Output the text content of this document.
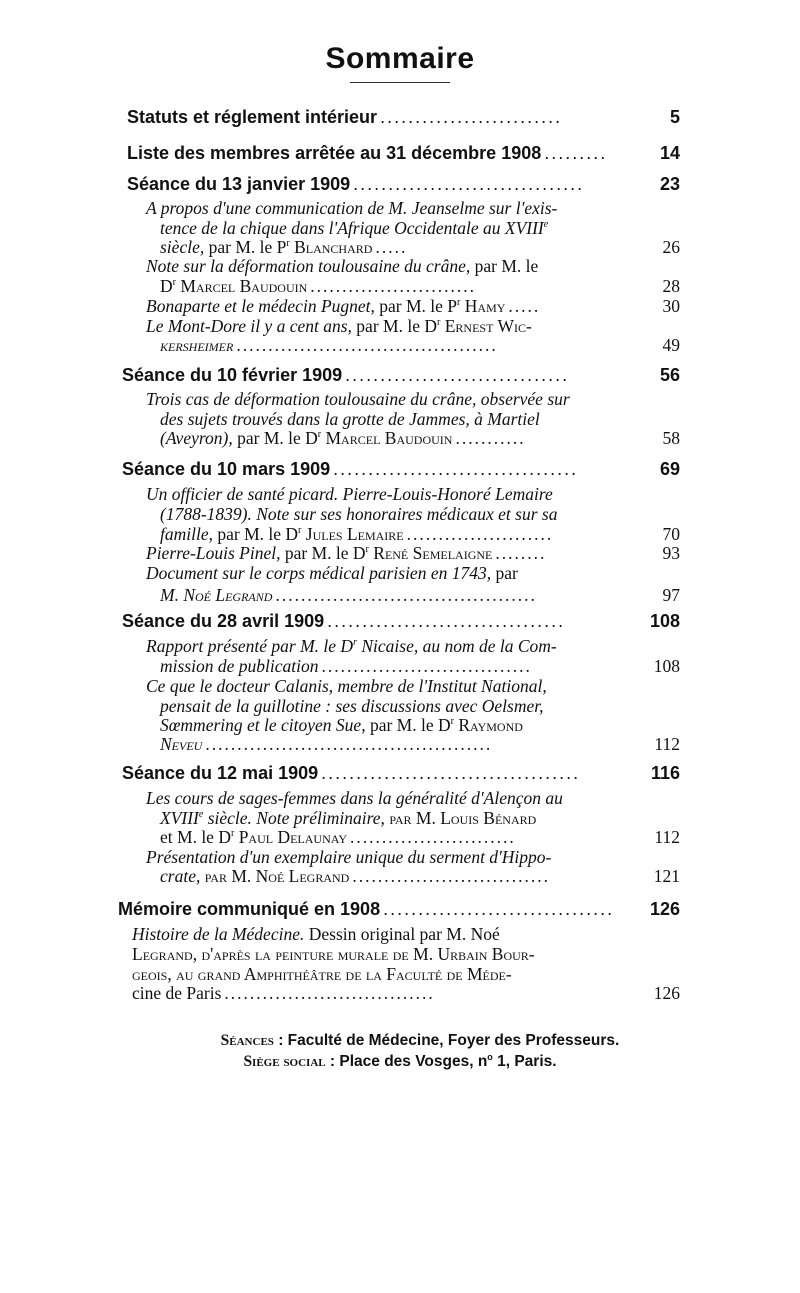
Sommaire
Statuts et réglement intérieur ..........................	5
Liste des membres arrêtée au 31 décembre 1908 .........	14
Séance du 13 janvier 1909 .................................	23
A propos d'une communication de M. Jeanselme sur l'exis-
tence de la chique dans l'Afrique Occidentale au XVIIIe
siècle, par M. le $P^r$ Blanchard .....	26
Note sur la déformation toulousaine du crâne, par M. le
$D^r$ Marcel Baudouin ..........................	28
Bonaparte et le médecin Pugnet, par M. le $P^r$ Hamy .....	30
Le Mont-Dore il y a cent ans, par M. le $D^r$ Ernest Wic-
kersheimer .........................................	49
Séance du 10 février 1909 ................................	56
Trois cas de déformation toulousaine du crâne, observée sur
des sujets trouvés dans la grotte de Jammes, à Martiel
(Aveyron), par M. le $D^r$ Marcel Baudouin ...........	58
Séance du 10 mars 1909 ...................................	69
Un officier de santé picard. Pierre-Louis-Honoré Lemaire
(1788-1839). Note sur ses honoraires médicaux et sur sa
famille, par M. le $D^r$ Jules Lemaire .......................	70
Pierre-Louis Pinel, par M. le $D^r$ René Semelaigne ........	93
Document sur le corps médical parisien en 1743, par
M. Noé Legrand .........................................	97
Séance du 28 avril 1909 ..................................	108
Rapport présenté par M. le $D^r$ Nicaise, au nom de la Com-
mission de publication .................................	108
Ce que le docteur Calanis, membre de l'Institut National,
pensait de la guillotine : ses discussions avec Oelsmer,
Sœmmering et le citoyen Sue, par M. le $D^r$ Raymond
Neveu .............................................	112
Séance du 12 mai 1909 .....................................	116
Les cours de sages-femmes dans la généralité d'Alençon au
XVIIIe siècle. Note préliminaire, par M. Louis Bénard
et M. le $D^r$ Paul Delaunay ..........................	112
Présentation d'un exemplaire unique du serment d'Hippo-
crate, par M. Noé Legrand ...............................	121
Mémoire communiqué en 1908 .................................	126
Histoire de la Médecine. Dessin original par M. Noé
Legrand, d'après la peinture murale de M. Urbain Bour-
geois, au grand Amphithéâtre de la Faculté de Méde-
cine de Paris .................................	126
Séances : Faculté de Médecine, Foyer des Professeurs.
Siège social : Place des Vosges, $n^o$ 1, Paris.
